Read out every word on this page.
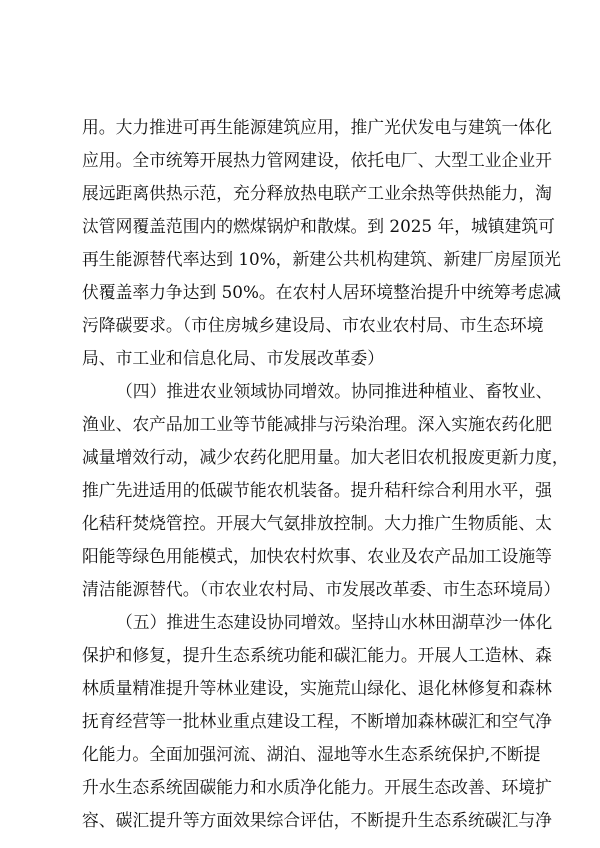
用。大力推进可再生能源建筑应用，推广光伏发电与建筑一体化
应用。全市统筹开展热力管网建设，依托电厂、大型工业企业开
展远距离供热示范，充分释放热电联产工业余热等供热能力，淘
汰管网覆盖范围内的燃煤锅炉和散煤。到 2025 年，城镇建筑可
再生能源替代率达到 10%，新建公共机构建筑、新建厂房屋顶光
伏覆盖率力争达到 50%。在农村人居环境整治提升中统筹考虑减
污降碳要求。（市住房城乡建设局、市农业农村局、市生态环境
局、市工业和信息化局、市发展改革委）
（四）推进农业领域协同增效。协同推进种植业、畜牧业、
渔业、农产品加工业等节能减排与污染治理。深入实施农药化肥
减量增效行动，减少农药化肥用量。加大老旧农机报废更新力度，
推广先进适用的低碳节能农机装备。提升秸秆综合利用水平，强
化秸秆焚烧管控。开展大气氨排放控制。大力推广生物质能、太
阳能等绿色用能模式，加快农村炊事、农业及农产品加工设施等
清洁能源替代。（市农业农村局、市发展改革委、市生态环境局）
（五）推进生态建设协同增效。坚持山水林田湖草沙一体化
保护和修复，提升生态系统功能和碳汇能力。开展人工造林、森
林质量精准提升等林业建设，实施荒山绿化、退化林修复和森林
抚育经营等一批林业重点建设工程，不断增加森林碳汇和空气净
化能力。全面加强河流、湖泊、湿地等水生态系统保护,不断提
升水生态系统固碳能力和水质净化能力。开展生态改善、环境扩
容、碳汇提升等方面效果综合评估，不断提升生态系统碳汇与净
